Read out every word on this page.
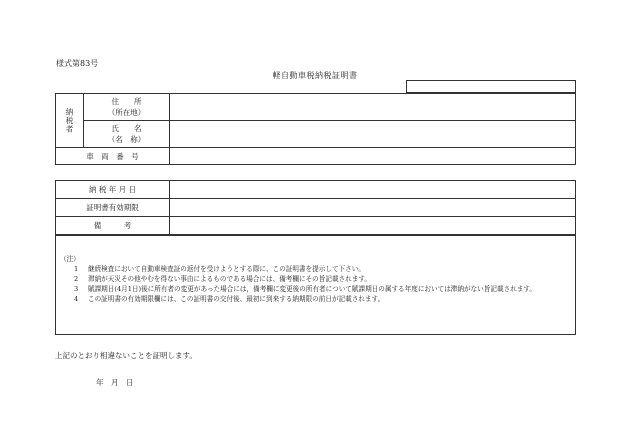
様式第83号
軽自動車税納税証明書
納税者	住　　所
（所在地）	

	氏　　名
（名　称）	

車　両　番　号		
納 税 年 月 日	
証明書有効期限	
備　　　考	
（注）
1	継続検査において自動車検査証の返付を受けようとする際に、この証明書を提示して下さい。
2	滞納が天災その他やむを得ない事由によるものである場合には、備考欄にその旨記載されます。
3	賦課期日(4月1日)後に所有者の変更があった場合には，備考欄に変更後の所有者について賦課期日の属する年度においては滞納がない旨記載されます。
4	この証明書の有効期限欄には、この証明書の交付後、最初に到来する納期限の前日が記載されます。
上記のとおり相違ないことを証明します。
年　月　日
